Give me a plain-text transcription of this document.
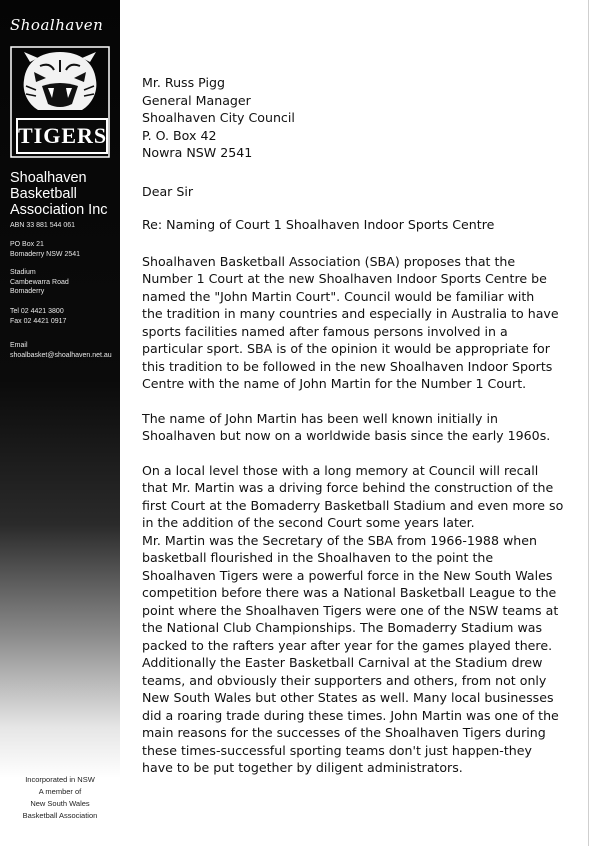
Shoalhaven
TIGERS
Shoalhaven
Basketball
Association Inc
ABN 33 881 544 061
PO Box 21
Bomaderry NSW 2541
Stadium
Cambewarra Road
Bomaderry
Tel 02 4421 3800
Fax 02 4421 0917
Email
shoalbasket@shoalhaven.net.au
Incorporated in NSW
A member of
New South Wales
Basketball Association
Mr. Russ Pigg
General Manager
Shoalhaven City Council
P. O. Box 42
Nowra NSW 2541
Dear Sir
Re: Naming of Court 1 Shoalhaven Indoor Sports Centre
Shoalhaven Basketball Association (SBA) proposes that the
Number 1 Court at the new Shoalhaven Indoor Sports Centre be
named the "John Martin Court". Council would be familiar with
the tradition in many countries and especially in Australia to have
sports facilities named after famous persons involved in a
particular sport. SBA is of the opinion it would be appropriate for
this tradition to be followed in the new Shoalhaven Indoor Sports
Centre with the name of John Martin for the Number 1 Court.
The name of John Martin has been well known initially in
Shoalhaven but now on a worldwide basis since the early 1960s.
On a local level those with a long memory at Council will recall
that Mr. Martin was a driving force behind the construction of the
first Court at the Bomaderry Basketball Stadium and even more so
in the addition of the second Court some years later.
Mr. Martin was the Secretary of the SBA from 1966-1988 when
basketball flourished in the Shoalhaven to the point the
Shoalhaven Tigers were a powerful force in the New South Wales
competition before there was a National Basketball League to the
point where the Shoalhaven Tigers were one of the NSW teams at
the National Club Championships. The Bomaderry Stadium was
packed to the rafters year after year for the games played there.
Additionally the Easter Basketball Carnival at the Stadium drew
teams, and obviously their supporters and others, from not only
New South Wales but other States as well. Many local businesses
did a roaring trade during these times. John Martin was one of the
main reasons for the successes of the Shoalhaven Tigers during
these times-successful sporting teams don't just happen-they
have to be put together by diligent administrators.
